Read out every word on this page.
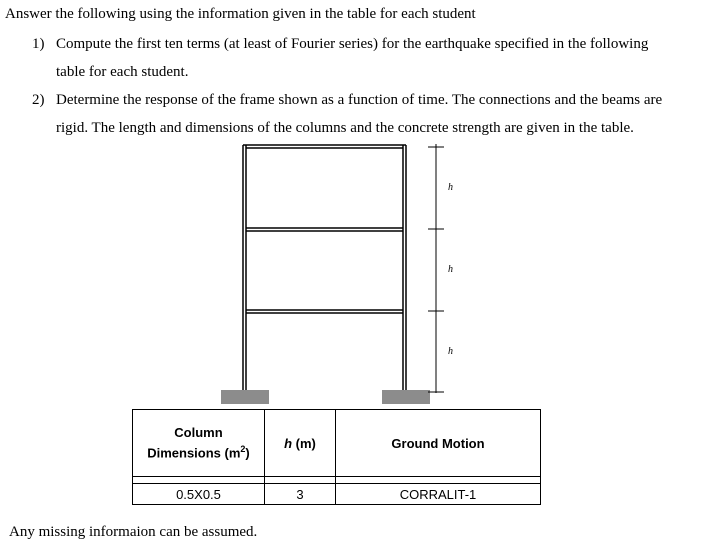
Answer the following using the information given in the table for each student
1) Compute the first ten terms (at least of Fourier series) for the earthquake specified in the following
table for each student.
2) Determine the response of the frame shown as a function of time. The connections and the beams are
rigid. The length and dimensions of the columns and the concrete strength are given in the table.
h
h
h
Column
Dimensions $(m^2)$	h (m)	Ground Motion

0.5X0.5	3	CORRALIT-1
Any missing informaion can be assumed.
